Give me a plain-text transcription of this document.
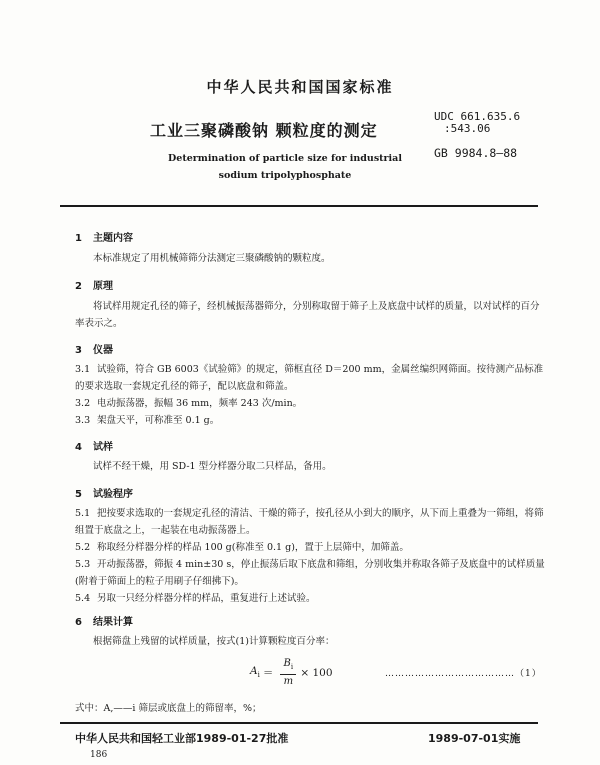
中华人民共和国国家标准
工业三聚磷酸钠 颗粒度的测定
Determination of particle size for industrial
sodium tripolyphosphate
UDC 661.635.6
:543.06
GB 9984.8—88
1 主题内容
本标准规定了用机械筛筛分法测定三聚磷酸钠的颗粒度。
2 原理
将试样用规定孔径的筛子，经机械振荡器筛分，分别称取留于筛子上及底盘中试样的质量，以对试样的百分率表示之。
3 仪器
3.1 试验筛，符合 GB 6003《试验筛》的规定，筛框直径 D＝200 mm，金属丝编织网筛面。按待测产品标准的要求选取一套规定孔径的筛子，配以底盘和筛盖。
3.2 电动振荡器，振幅 36 mm，频率 243 次/min。
3.3 架盘天平，可称准至 0.1 g。
4 试样
试样不经干燥，用 SD-1 型分样器分取二只样品，备用。
5 试验程序
5.1 把按要求选取的一套规定孔径的清洁、干燥的筛子，按孔径从小到大的顺序，从下而上重叠为一筛组，将筛组置于底盘之上，一起装在电动振荡器上。
5.2 称取经分样器分样的样品 100 g(称准至 0.1 g)，置于上层筛中，加筛盖。
5.3 开动振荡器，筛振 4 min±30 s，停止振荡后取下底盘和筛组，分别收集并称取各筛子及底盘中的试样质量(附着于筛面上的粒子用刷子仔细拂下)。
5.4 另取一只经分样器分样的样品，重复进行上述试验。
6 结果计算
根据筛盘上残留的试样质量，按式(1)计算颗粒度百分率：
$A_i = \frac{B_i}{m} \times 100$	…………………………………（1）
式中：A,——i 筛层或底盘上的筛留率，%；
中华人民共和国轻工业部1989-01-27批准	1989-07-01实施
186
